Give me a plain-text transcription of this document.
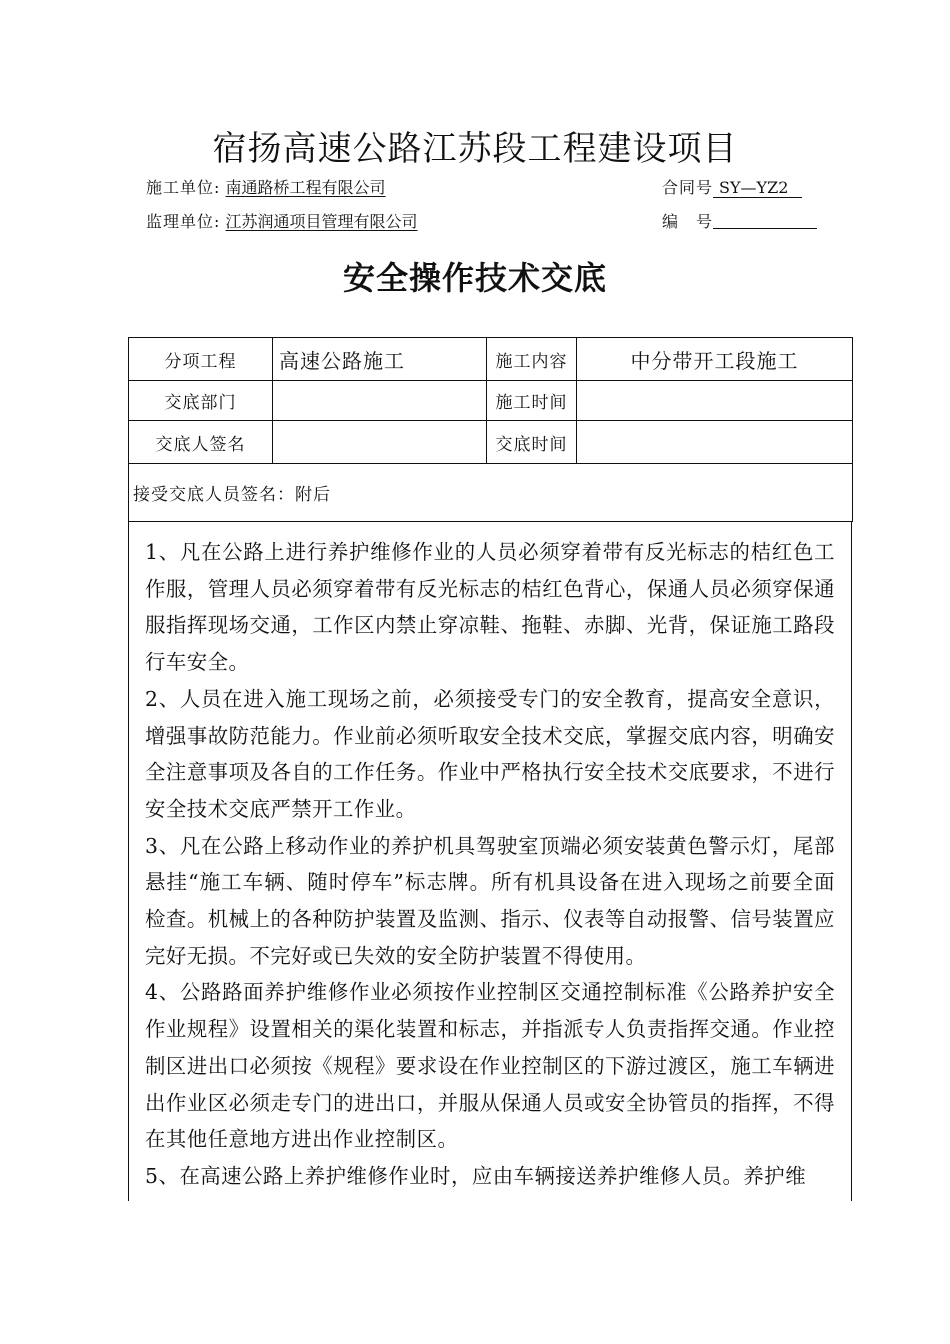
宿扬高速公路江苏段工程建设项目
施工单位: 南通路桥工程有限公司	合同号 SY—YZ2
监理单位: 江苏润通项目管理有限公司	编　号
安全操作技术交底
分项工程	高速公路施工	施工内容	中分带开工段施工
交底部门		施工时间	
交底人签名		交底时间	
接受交底人员签名：附后			

1、凡在公路上进行养护维修作业的人员必须穿着带有反光标志的桔红色工作服，管理人员必须穿着带有反光标志的桔红色背心，保通人员必须穿保通服指挥现场交通，工作区内禁止穿凉鞋、拖鞋、赤脚、光背，保证施工路段行车安全。

2、人员在进入施工现场之前，必须接受专门的安全教育，提高安全意识，增强事故防范能力。作业前必须听取安全技术交底，掌握交底内容，明确安全注意事项及各自的工作任务。作业中严格执行安全技术交底要求，不进行安全技术交底严禁开工作业。

3、凡在公路上移动作业的养护机具驾驶室顶端必须安装黄色警示灯，尾部悬挂“施工车辆、随时停车”标志牌。所有机具设备在进入现场之前要全面检查。机械上的各种防护装置及监测、指示、仪表等自动报警、信号装置应完好无损。不完好或已失效的安全防护装置不得使用。

4、公路路面养护维修作业必须按作业控制区交通控制标准《公路养护安全作业规程》设置相关的渠化装置和标志，并指派专人负责指挥交通。作业控制区进出口必须按《规程》要求设在作业控制区的下游过渡区，施工车辆进出作业区必须走专门的进出口，并服从保通人员或安全协管员的指挥，不得在其他任意地方进出作业控制区。

5、在高速公路上养护维修作业时，应由车辆接送养护维修人员。养护维
